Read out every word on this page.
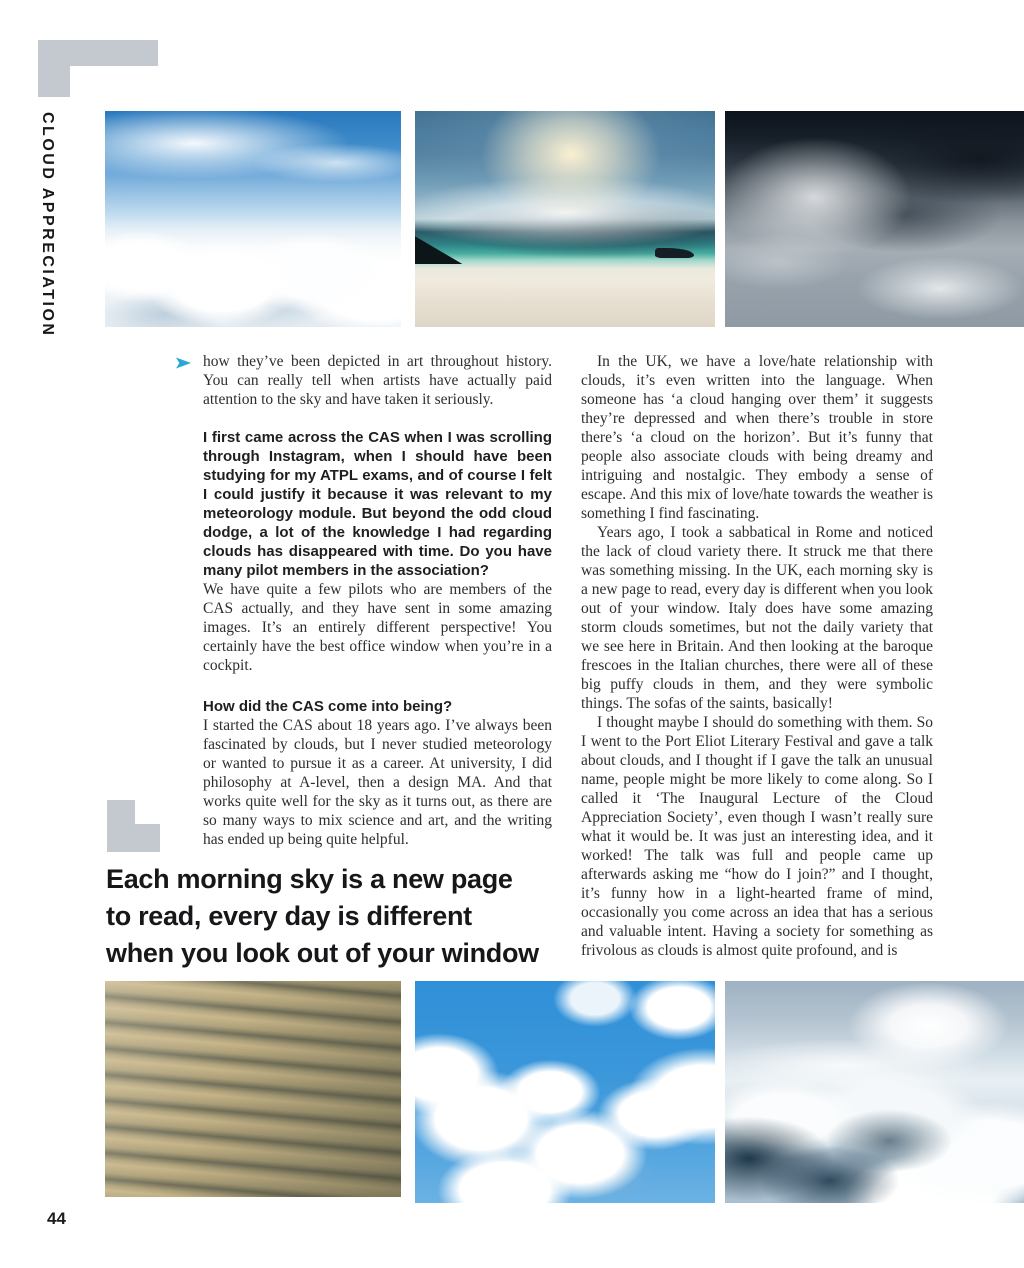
CLOUD APPRECIATION

how they’ve been depicted in art throughout history. You can really tell when artists have actually paid attention to the sky and have taken it seriously.

I first came across the CAS when I was scrolling through Instagram, when I should have been studying for my ATPL exams, and of course I felt I could justify it because it was relevant to my meteorology module. But beyond the odd cloud dodge, a lot of the knowledge I had regarding clouds has disappeared with time. Do you have many pilot members in the association?

We have quite a few pilots who are members of the CAS actually, and they have sent in some amazing images. It’s an entirely different perspective! You certainly have the best office window when you’re in a cockpit.

How did the CAS come into being?

I started the CAS about 18 years ago. I’ve always been fascinated by clouds, but I never studied meteorology or wanted to pursue it as a career. At university, I did philosophy at A-level, then a design MA. And that works quite well for the sky as it turns out, as there are so many ways to mix science and art, and the writing has ended up being quite helpful.

In the UK, we have a love/hate relationship with clouds, it’s even written into the language. When someone has ‘a cloud hanging over them’ it suggests they’re depressed and when there’s trouble in store there’s ‘a cloud on the horizon’. But it’s funny that people also associate clouds with being dreamy and intriguing and nostalgic. They embody a sense of escape. And this mix of love/hate towards the weather is something I find fascinating.

Years ago, I took a sabbatical in Rome and noticed the lack of cloud variety there. It struck me that there was something missing. In the UK, each morning sky is a new page to read, every day is different when you look out of your window. Italy does have some amazing storm clouds sometimes, but not the daily variety that we see here in Britain. And then looking at the baroque frescoes in the Italian churches, there were all of these big puffy clouds in them, and they were symbolic things. The sofas of the saints, basically!

I thought maybe I should do something with them. So I went to the Port Eliot Literary Festival and gave a talk about clouds, and I thought if I gave the talk an unusual name, people might be more likely to come along. So I called it ‘The Inaugural Lecture of the Cloud Appreciation Society’, even though I wasn’t really sure what it would be. It was just an interesting idea, and it worked! The talk was full and people came up afterwards asking me “how do I join?” and I thought, it’s funny how in a light-hearted frame of mind, occasionally you come across an idea that has a serious and valuable intent. Having a society for something as frivolous as clouds is almost quite profound, and is

Each morning sky is a new page
to read, every day is different
when you look out of your window
44
